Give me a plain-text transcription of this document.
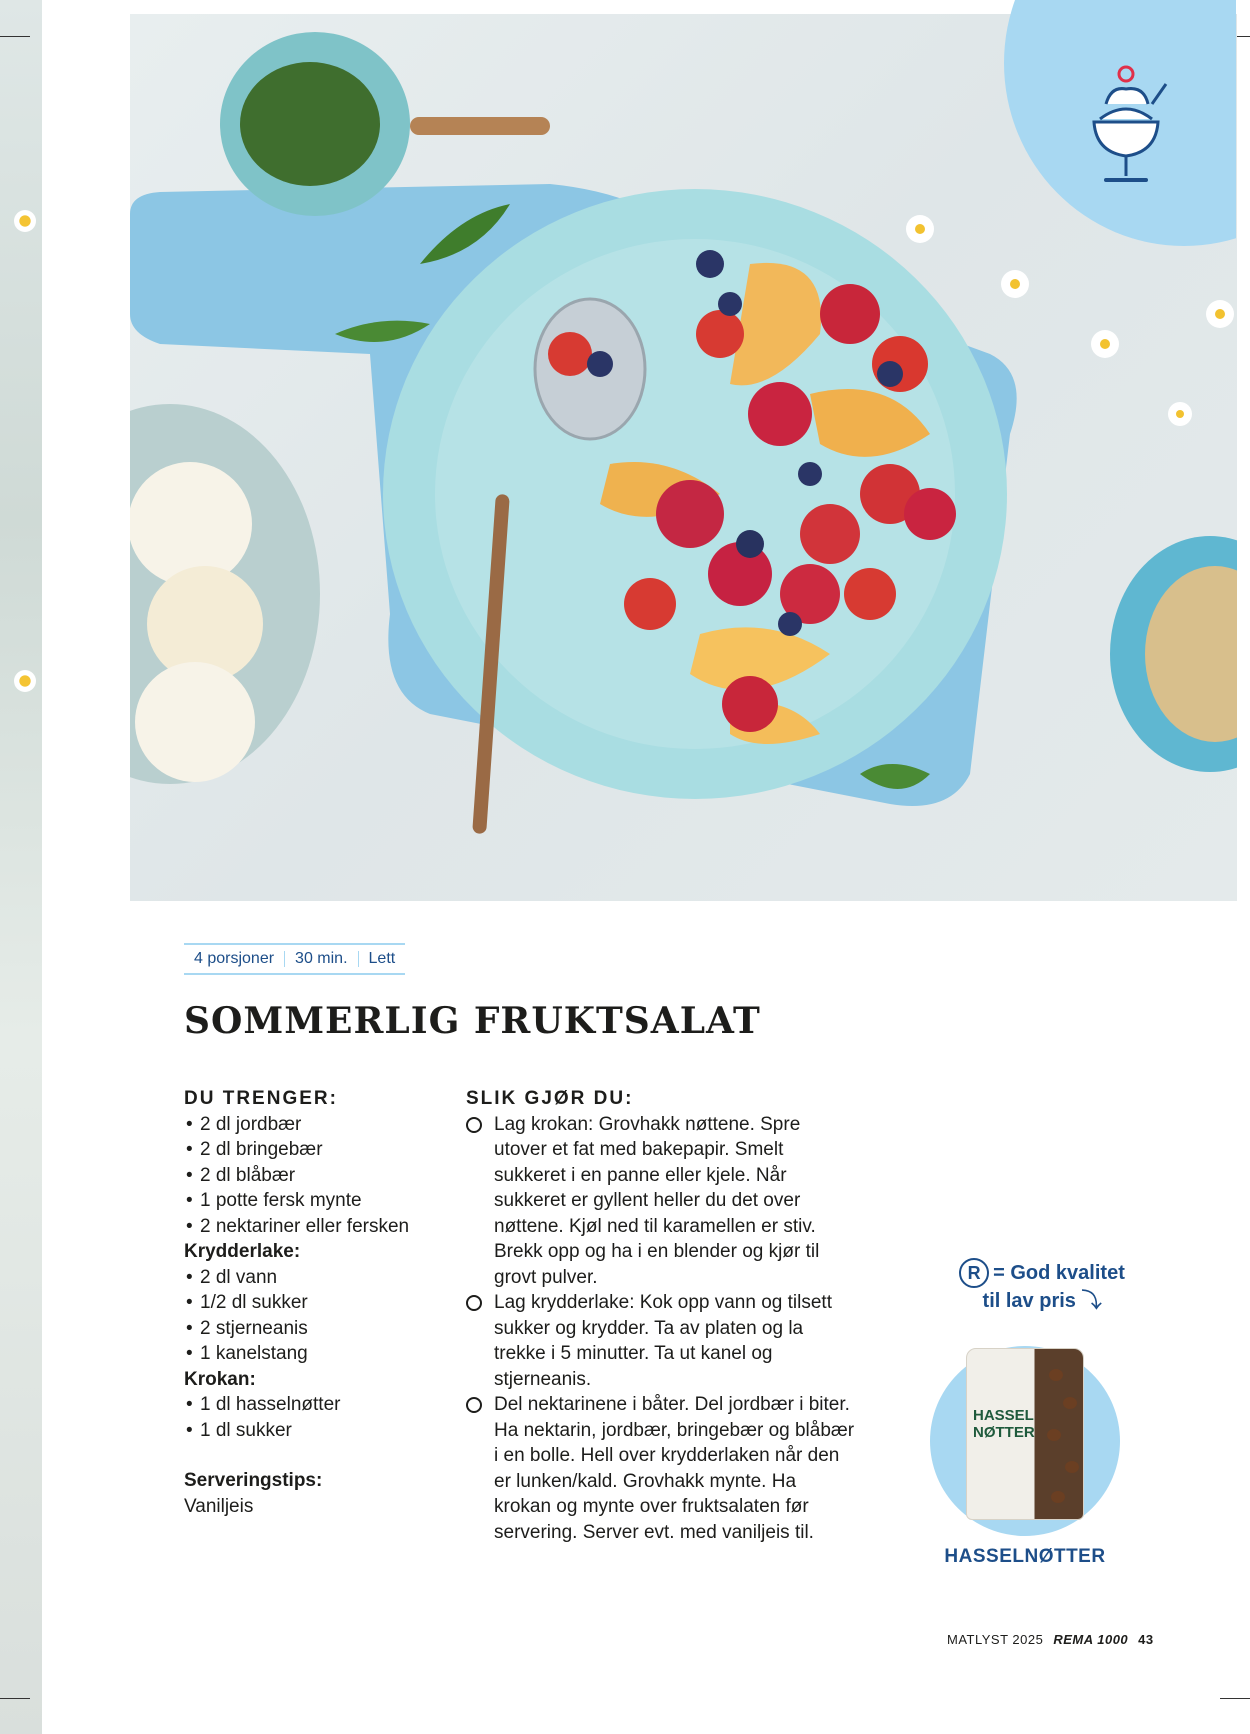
4 porsjoner	30 min.	Lett
SOMMERLIG FRUKTSALAT
DU TRENGER:
• 2 dl jordbær
• 2 dl bringebær
• 2 dl blåbær
• 1 potte fersk mynte
• 2 nektariner eller fersken
Krydderlake:
• 2 dl vann
• 1/2 dl sukker
• 2 stjerneanis
• 1 kanelstang
Krokan:
• 1 dl hasselnøtter
• 1 dl sukker
Serveringstips:
Vaniljeis
SLIK GJØR DU:
Lag krokan: Grovhakk nøttene. Spre utover et fat med bakepapir. Smelt sukkeret i en panne eller kjele. Når sukkeret er gyllent heller du det over nøttene. Kjøl ned til karamellen er stiv. Brekk opp og ha i en blender og kjør til grovt pulver.
Lag krydderlake: Kok opp vann og tilsett sukker og krydder. Ta av platen og la trekke i 5 minutter. Ta ut kanel og stjerneanis.
Del nektarinene i båter. Del jordbær i biter. Ha nektarin, jordbær, bringebær og blåbær i en bolle. Hell over krydderlaken når den er lunken/kald. Grovhakk mynte. Ha krokan og mynte over fruktsalaten før servering. Server evt. med vaniljeis til.
R = God kvalitet
til lav pris ⤵
HASSEL
NØTTER
HASSELNØTTER
MATLYST 2025 REMA 1000 43
